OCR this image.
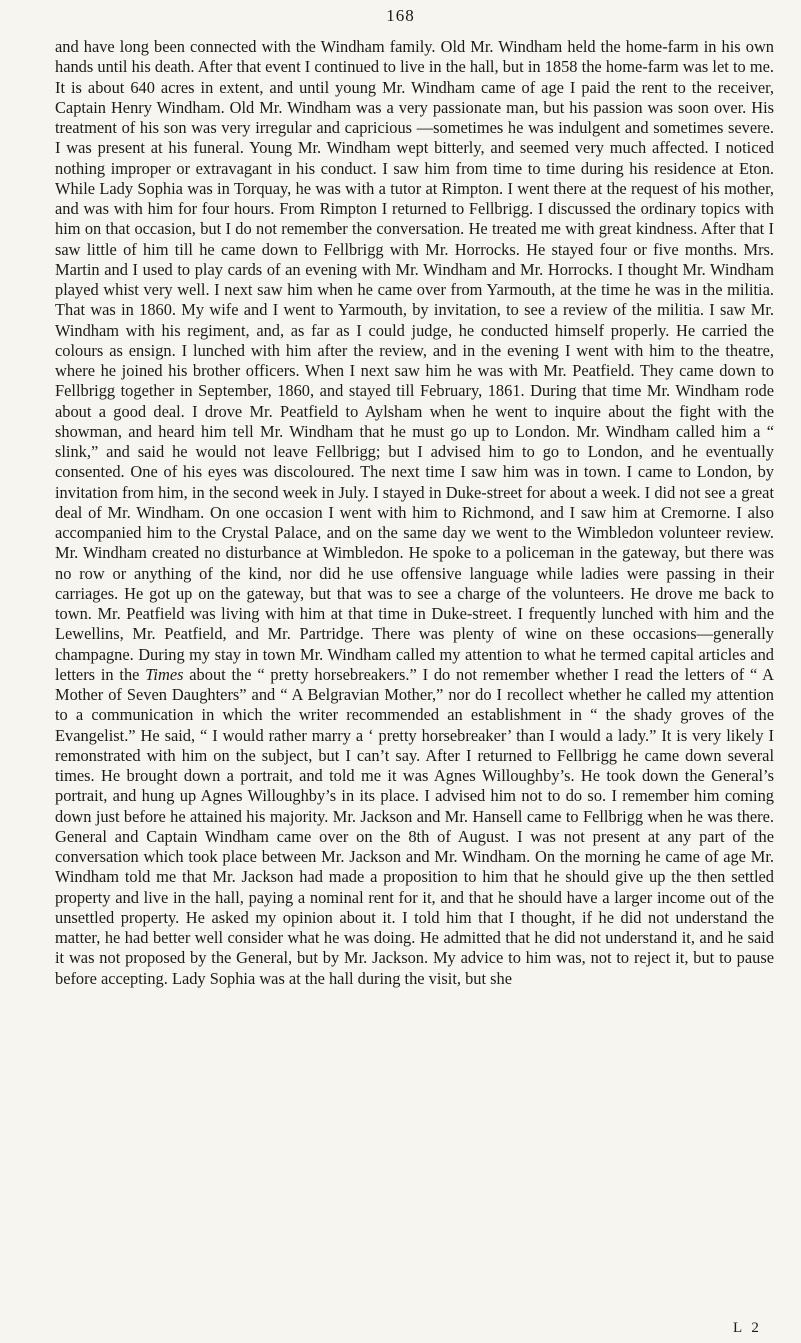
168

and have long been connected with the Windham family. Old Mr. Windham held the home-farm in his own hands until his death. After that event I continued to live in the hall, but in 1858 the home-farm was let to me. It is about 640 acres in extent, and until young Mr. Windham came of age I paid the rent to the receiver, Captain Henry Windham. Old Mr. Windham was a very passionate man, but his passion was soon over. His treatment of his son was very irregular and capricious —sometimes he was indulgent and sometimes severe. I was present at his funeral. Young Mr. Windham wept bitterly, and seemed very much affected. I noticed nothing improper or extravagant in his conduct. I saw him from time to time during his residence at Eton. While Lady Sophia was in Torquay, he was with a tutor at Rimpton. I went there at the request of his mother, and was with him for four hours. From Rimpton I returned to Fellbrigg. I discussed the ordinary topics with him on that occasion, but I do not remember the conversation. He treated me with great kindness. After that I saw little of him till he came down to Fellbrigg with Mr. Horrocks. He stayed four or five months. Mrs. Martin and I used to play cards of an evening with Mr. Windham and Mr. Horrocks. I thought Mr. Windham played whist very well. I next saw him when he came over from Yarmouth, at the time he was in the militia. That was in 1860. My wife and I went to Yarmouth, by invitation, to see a review of the militia. I saw Mr. Windham with his regiment, and, as far as I could judge, he conducted himself properly. He carried the colours as ensign. I lunched with him after the review, and in the evening I went with him to the theatre, where he joined his brother officers. When I next saw him he was with Mr. Peatfield. They came down to Fellbrigg together in September, 1860, and stayed till February, 1861. During that time Mr. Windham rode about a good deal. I drove Mr. Peatfield to Aylsham when he went to inquire about the fight with the showman, and heard him tell Mr. Windham that he must go up to London. Mr. Windham called him a “ slink,” and said he would not leave Fellbrigg; but I advised him to go to London, and he eventually consented. One of his eyes was discoloured. The next time I saw him was in town. I came to London, by invitation from him, in the second week in July. I stayed in Duke-street for about a week. I did not see a great deal of Mr. Windham. On one occasion I went with him to Richmond, and I saw him at Cremorne. I also accompanied him to the Crystal Palace, and on the same day we went to the Wimbledon volunteer review. Mr. Windham created no disturbance at Wimbledon. He spoke to a policeman in the gateway, but there was no row or anything of the kind, nor did he use offensive language while ladies were passing in their carriages. He got up on the gateway, but that was to see a charge of the volunteers. He drove me back to town. Mr. Peatfield was living with him at that time in Duke-street. I frequently lunched with him and the Lewellins, Mr. Peatfield, and Mr. Partridge. There was plenty of wine on these occasions—generally champagne. During my stay in town Mr. Windham called my attention to what he termed capital articles and letters in the Times about the “ pretty horsebreakers.” I do not remember whether I read the letters of “ A Mother of Seven Daughters” and “ A Belgravian Mother,” nor do I recollect whether he called my attention to a communication in which the writer recommended an establishment in “ the shady groves of the Evangelist.” He said, “ I would rather marry a ‘ pretty horsebreaker’ than I would a lady.” It is very likely I remonstrated with him on the subject, but I can’t say. After I returned to Fellbrigg he came down several times. He brought down a portrait, and told me it was Agnes Willoughby’s. He took down the General’s portrait, and hung up Agnes Willoughby’s in its place. I advised him not to do so. I remember him coming down just before he attained his majority. Mr. Jackson and Mr. Hansell came to Fellbrigg when he was there. General and Captain Windham came over on the 8th of August. I was not present at any part of the conversation which took place between Mr. Jackson and Mr. Windham. On the morning he came of age Mr. Windham told me that Mr. Jackson had made a proposition to him that he should give up the then settled property and live in the hall, paying a nominal rent for it, and that he should have a larger income out of the unsettled property. He asked my opinion about it. I told him that I thought, if he did not understand the matter, he had better well consider what he was doing. He admitted that he did not understand it, and he said it was not proposed by the General, but by Mr. Jackson. My advice to him was, not to reject it, but to pause before accepting. Lady Sophia was at the hall during the visit, but she

L 2
